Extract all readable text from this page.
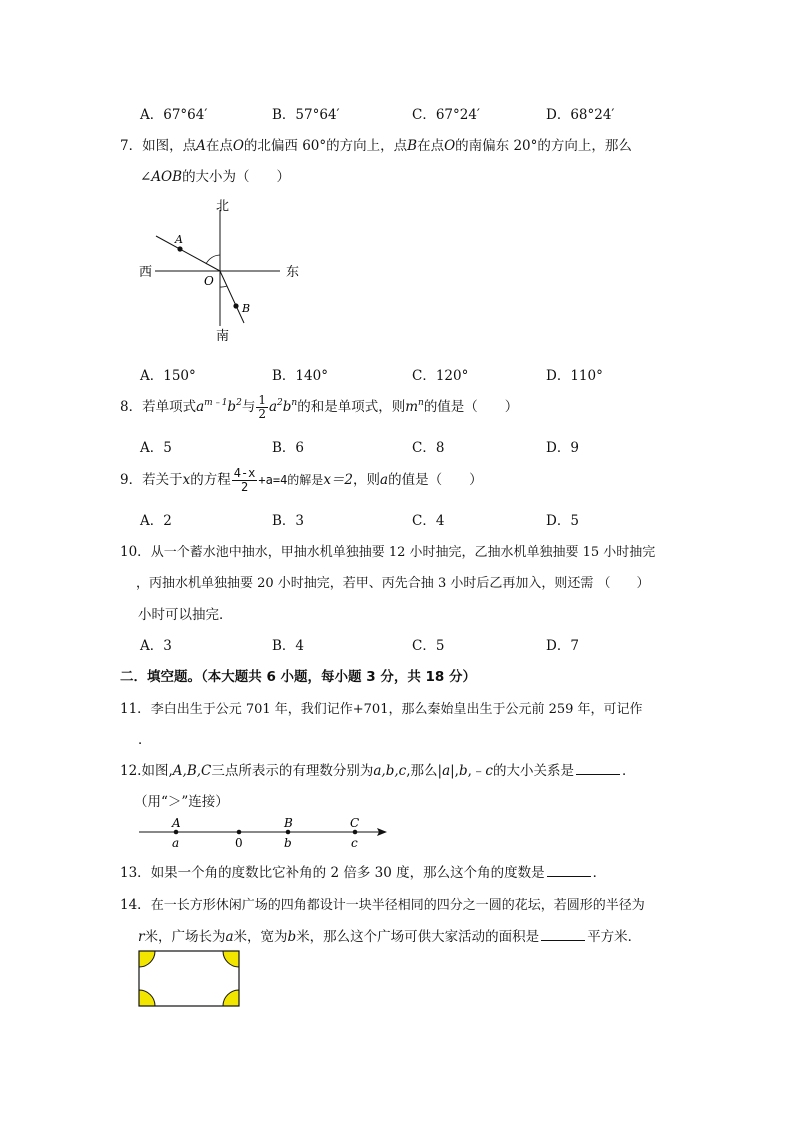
A．67°64′	B．57°64′	C．67°24′	D．68°24′
7．如图，点A在点O的北偏西 60°的方向上，点B在点O的南偏东 20°的方向上，那么
∠AOB的大小为（　　）
北
南
西	东
A
O
B
A．150°	B．140°	C．120°	D．110°
8．若单项式$a^{m﹣1}b^2$与 $\frac{1}{2} a^2b^n$的和是单项式，则$m^n$的值是（　　）
A．5	B．6	C．8	D．9
9．若关于x的方程 $\frac{4-x}{2} +a=4$的解是x＝2，则a的值是（　　）
A．2	B．3	C．4	D．5
10．从一个蓄水池中抽水，甲抽水机单独抽要 12 小时抽完，乙抽水机单独抽要 15 小时抽完
，丙抽水机单独抽要 20 小时抽完，若甲、丙先合抽 3 小时后乙再加入，则还需 （　　）
小时可以抽完．
A．3	B．4	C．5	D．7
二．填空题。（本大题共 6 小题，每小题 3 分，共 18 分）
11．李白出生于公元 701 年，我们记作+701，那么秦始皇出生于公元前 259 年，可记作
．
12.如图,A,B,C三点所表示的有理数分别为a,b,c,那么|a|,b,﹣c的大小关系是	．
（用“＞”连接）
A
a	0
B
b
C
c
13．如果一个角的度数比它补角的 2 倍多 30 度，那么这个角的度数是	．
14．在一长方形休闲广场的四角都设计一块半径相同的四分之一圆的花坛，若圆形的半径为
r米，广场长为a米，宽为b米，那么这个广场可供大家活动的面积是	平方米．
